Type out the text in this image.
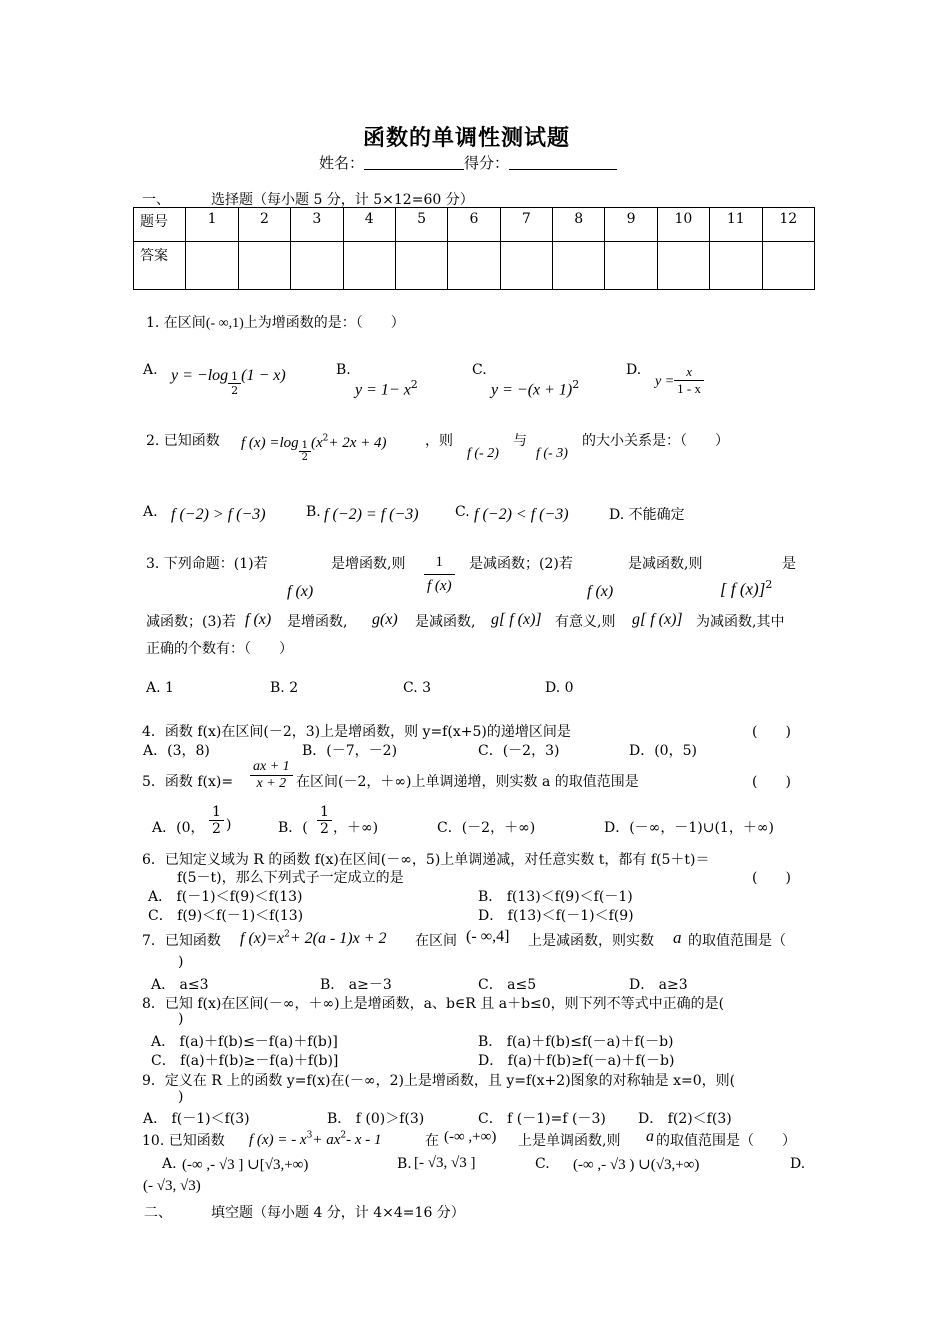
函数的单调性测试题
姓名：	得分：
一、	选择题（每小题 5 分，计 5×12=60 分）
题号	1	2	3	4	5	6	7	8	9	10	11	12
答案												
1. 在区间(- ∞,1)上为增函数的是：（　　）
A. $y = -\log \frac{1}{2} (1 - x)$	B.
$y = 1- x^2$
C.
$y = -(x + 1)^2$
D.
$y = \frac{x}{1 - x}$
2. 已知函数 f $(x) =\log \frac{1}{2} (x^2+ 2x + 4)$	，则	与	的大小关系是：（　　）
f (- 2)	f (- 3)
A. f (−2) > f (−3)	B. f (−2) = f (−3)	C. f (−2) < f (−3)	D. 不能确定
3. 下列命题：(1)若	是增函数,则 $\frac{1}{f (x)}$ 是减函数；(2)若	是减函数,则	是
f (x)	f (x)	[ f (x)]$^2$
减函数；(3)若 f (x) 是增函数, g(x) 是减函数, g[ f (x)] 有意义,则 g[ f (x)] 为减函数,其中
正确的个数有：（　　）
A. 1	B. 2	C. 3	D. 0
4．函数 f(x)在区间(－2，3)上是增函数，则 y=f(x+5)的递增区间是	(　　)
A．(3，8)	B．(－7，－2)	C．(－2，3)	D．(0，5)
5．函数 $f(x)= \frac{ax + 1}{x + 2}$ 在区间(－2，＋∞)上单调递增，则实数 a 的取值范围是	(　　)
A．(0， $\frac{1}{2}$ )	B．( $\frac{1}{2}$ ，＋∞)	C．(－2，＋∞)	D．(－∞，－1)∪(1，＋∞)
6．已知定义域为 R 的函数 f(x)在区间(－∞，5)上单调递减，对任意实数 t，都有 f(5＋t)＝
f(5－t)，那么下列式子一定成立的是	(　　)
A． f(－1)＜f(9)＜f(13)	B． f(13)＜f(9)＜f(－1)
C． f(9)＜f(－1)＜f(13)	D． f(13)＜f(－1)＜f(9)
7．已知函数 f $(x)=x^2+ 2(a - 1)x + 2$ 在区间 (- ∞,4] 上是减函数，则实数 a 的取值范围是（
)
A． a≤3	B． a≥－3	C． a≤5	D． a≥3
8．已知 f(x)在区间(－∞，＋∞)上是增函数，a、b∈R 且 a＋b≤0，则下列不等式中正确的是(
)
A． f(a)＋f(b)≤－f(a)＋f(b)]	B． f(a)＋f(b)≤f(－a)＋f(－b)
C． f(a)＋f(b)≥－f(a)＋f(b)]	D． f(a)＋f(b)≥f(－a)＋f(－b)
9．定义在 R 上的函数 y=f(x)在(－∞，2)上是增函数，且 y=f(x+2)图象的对称轴是 x=0，则(
)
A． f(－1)＜f(3)	B． f (0)＞f(3)	C． f (－1)=f (－3) D． f(2)＜f(3)
10. 已知函数 f (x) = - $x^3+ ax^2-$ x - 1	在 (-∞ ,+∞) 上是单调函数,则 a 的取值范围是（　　）
A. (-∞ ,- √3 ] ∪[√3,+∞)	B. [- √3, √3 ]	C. (-∞ ,- √3 ) ∪(√3,+∞)	D.
(- √3, √3)
二、	填空题（每小题 4 分，计 4×4=16 分）
